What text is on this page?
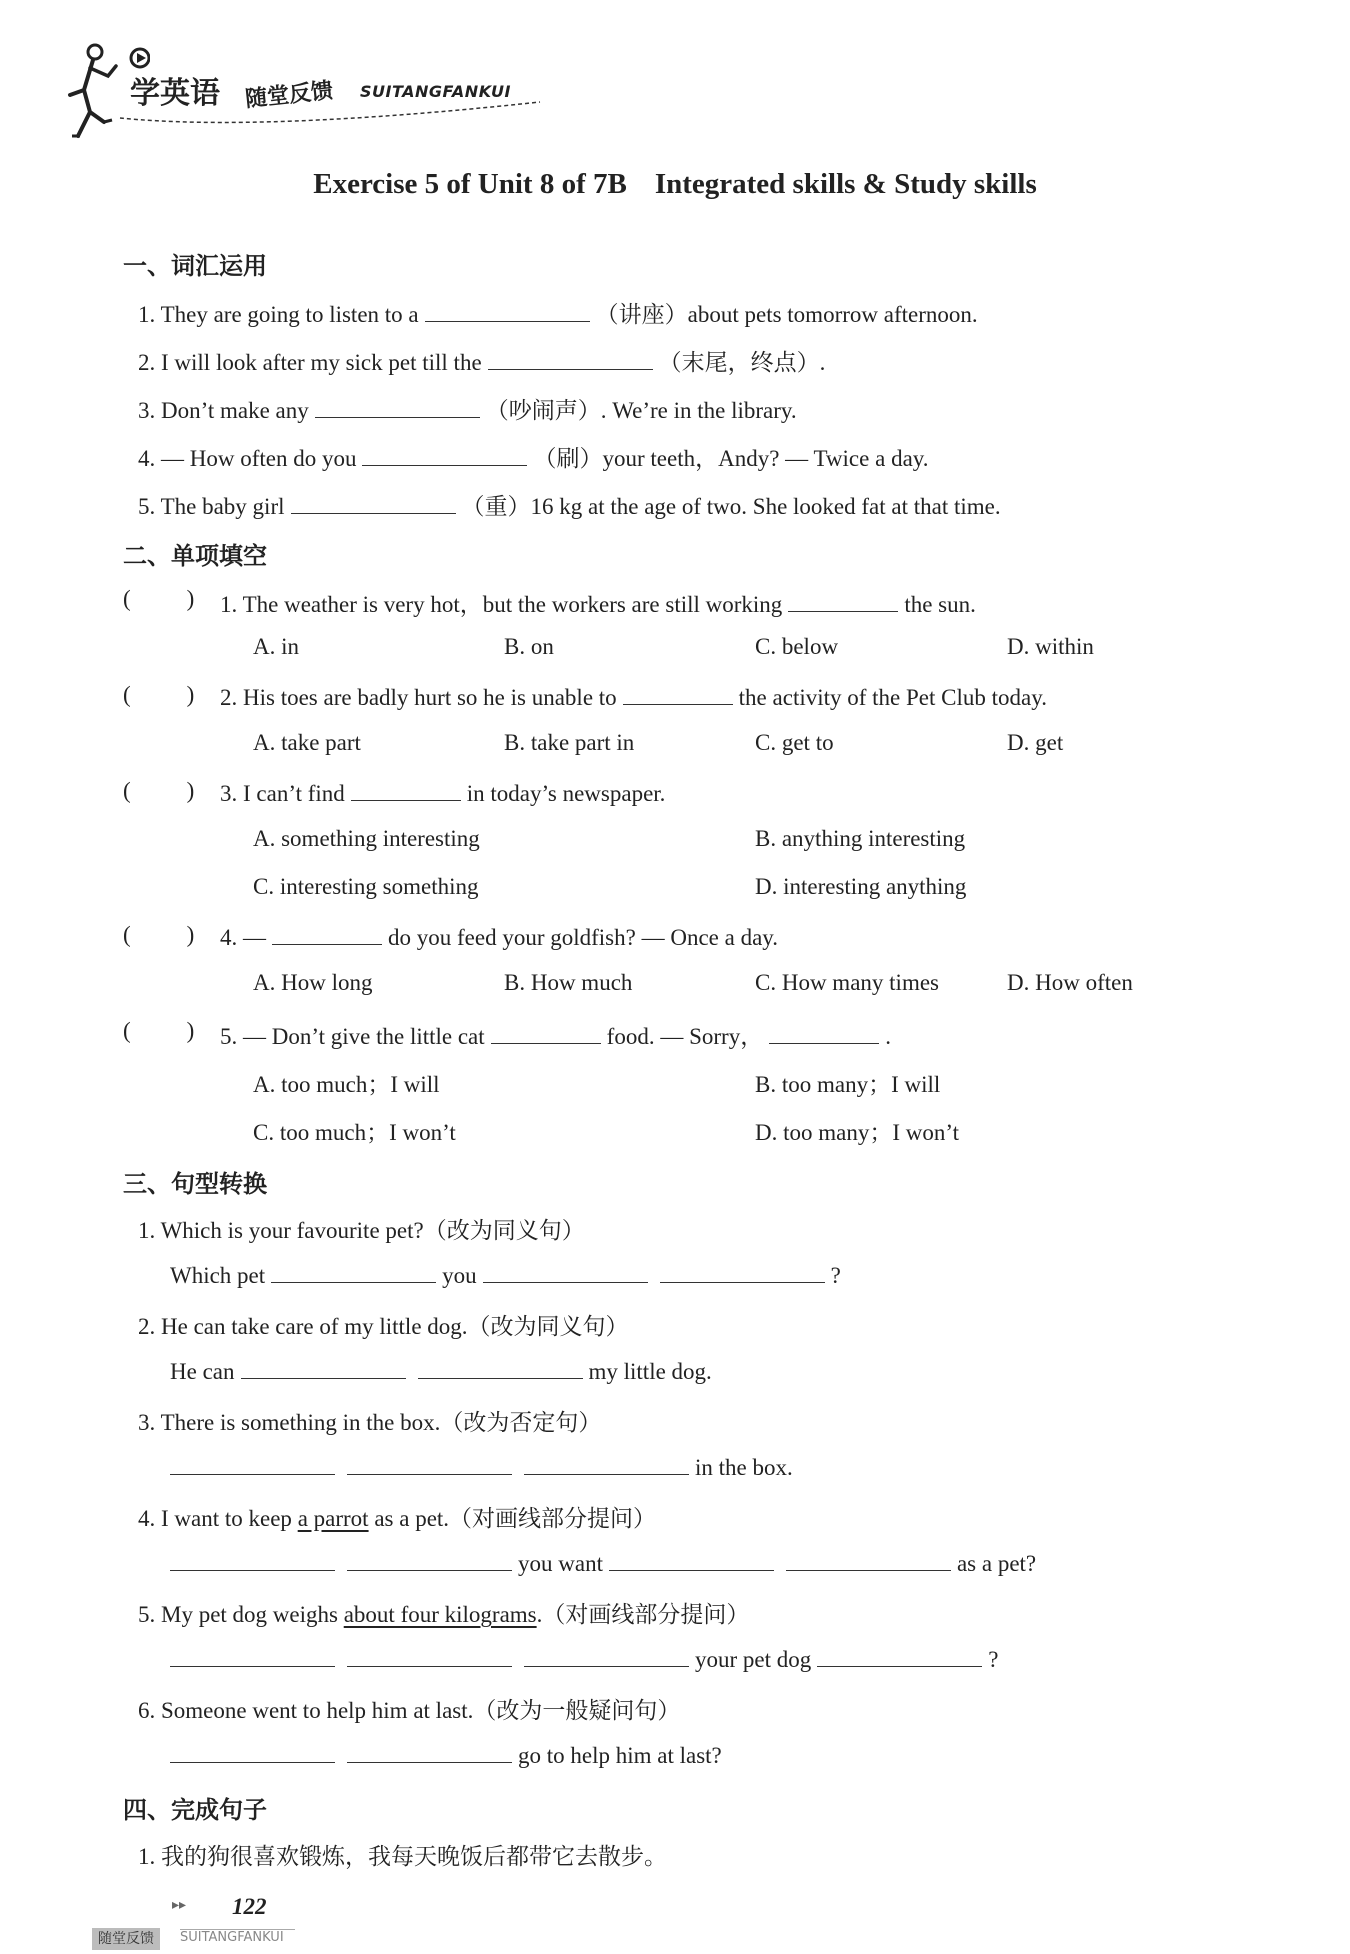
学英语 随堂反馈 SUITANGFANKUI
Exercise 5 of Unit 8 of 7B Integrated skills & Study skills
一、词汇运用
1. They are going to listen to a	（讲座）about pets tomorrow afternoon.
2. I will look after my sick pet till the	（末尾，终点）.
3. Don’t make any	（吵闹声）. We’re in the library.
4. — How often do you	（刷）your teeth，Andy? — Twice a day.
5. The baby girl	（重）16 kg at the age of two. She looked fat at that time.
二、单项填空
( ) 1. The weather is very hot，but the workers are still working	the sun.
A. in	B. on	C. below	D. within
( ) 2. His toes are badly hurt so he is unable to	the activity of the Pet Club today.
A. take part	B. take part in	C. get to	D. get
( ) 3. I can’t find	in today’s newspaper.
A. something interesting	B. anything interesting
C. interesting something	D. interesting anything
( ) 4. —	do you feed your goldfish? — Once a day.
A. How long	B. How much	C. How many times	D. How often
( ) 5. — Don’t give the little cat	food. — Sorry，	.
A. too much；I will	B. too many；I will
C. too much；I won’t	D. too many；I won’t
三、句型转换
1. Which is your favourite pet?（改为同义句）
Which pet	you	?
2. He can take care of my little dog.（改为同义句）
He can	my little dog.
3. There is something in the box.（改为否定句）
in the box.
4. I want to keep a parrot as a pet.（对画线部分提问）
you want	as a pet?
5. My pet dog weighs about four kilograms.（对画线部分提问）
your pet dog	?
6. Someone went to help him at last.（改为一般疑问句）
go to help him at last?
四、完成句子
1. 我的狗很喜欢锻炼，我每天晚饭后都带它去散步。
▸▸ 122
随堂反馈	SUITANGFANKUI
